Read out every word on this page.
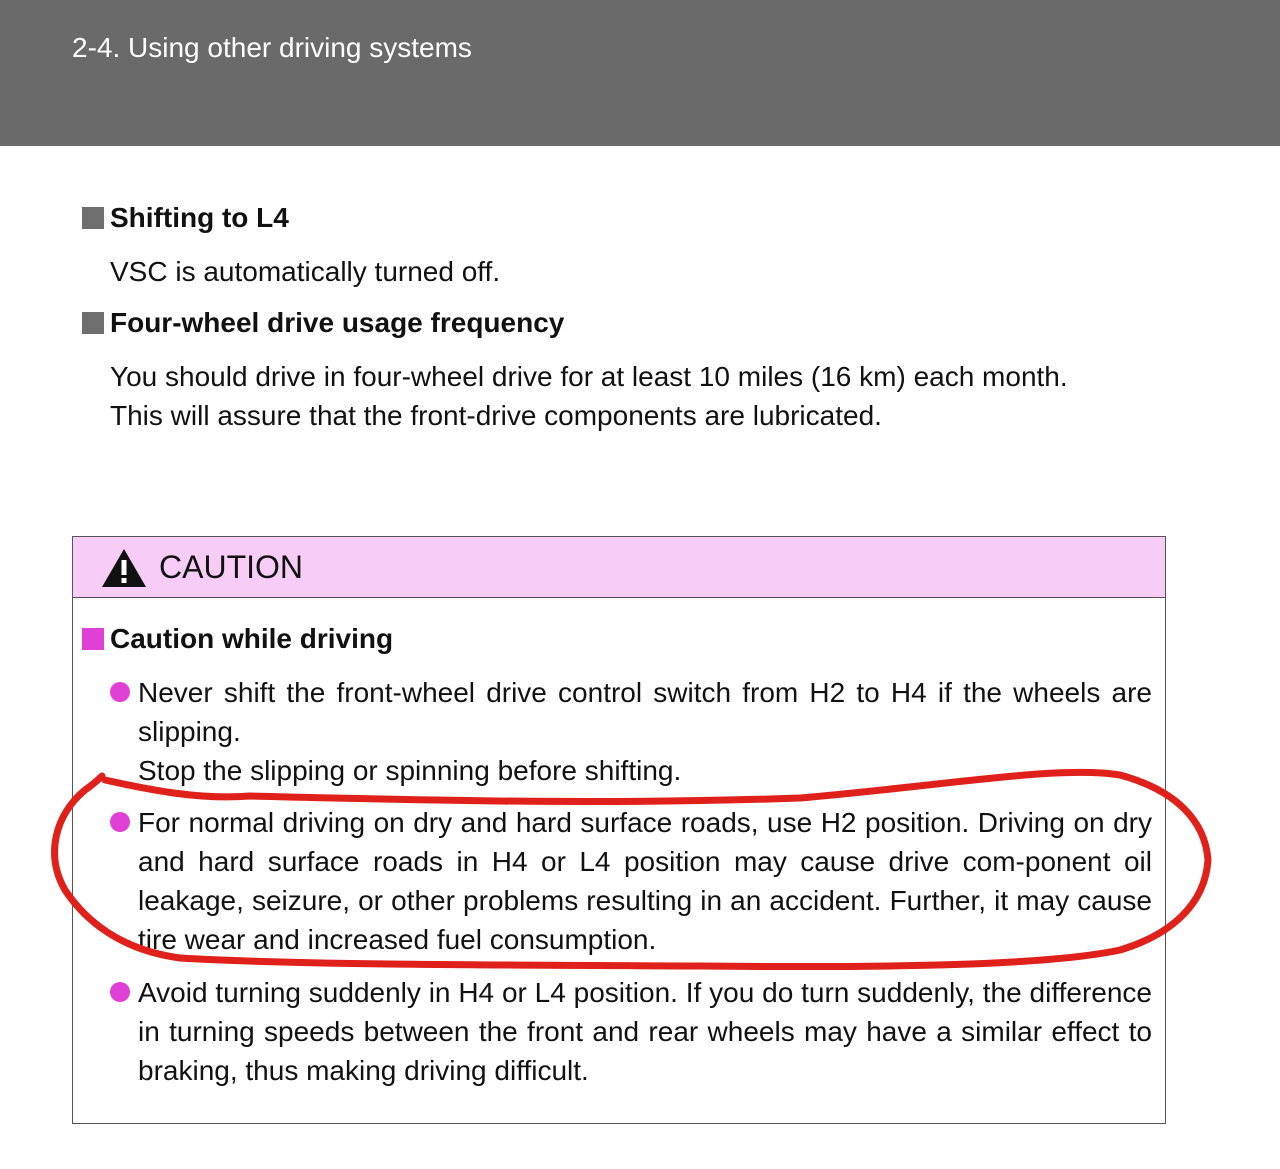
2-4. Using other driving systems
Shifting to L4
VSC is automatically turned off.
Four-wheel drive usage frequency
You should drive in four-wheel drive for at least 10 miles (16 km) each month.
This will assure that the front-drive components are lubricated.
CAUTION
Caution while driving

Never shift the front-wheel drive control switch from H2 to H4 if the wheels are slipping.

Stop the slipping or spinning before shifting.

For normal driving on dry and hard surface roads, use H2 position. Driving on dry and hard surface roads in H4 or L4 position may cause drive com-ponent oil leakage, seizure, or other problems resulting in an accident. Further, it may cause tire wear and increased fuel consumption.

Avoid turning suddenly in H4 or L4 position. If you do turn suddenly, the difference in turning speeds between the front and rear wheels may have a similar effect to braking, thus making driving difficult.
